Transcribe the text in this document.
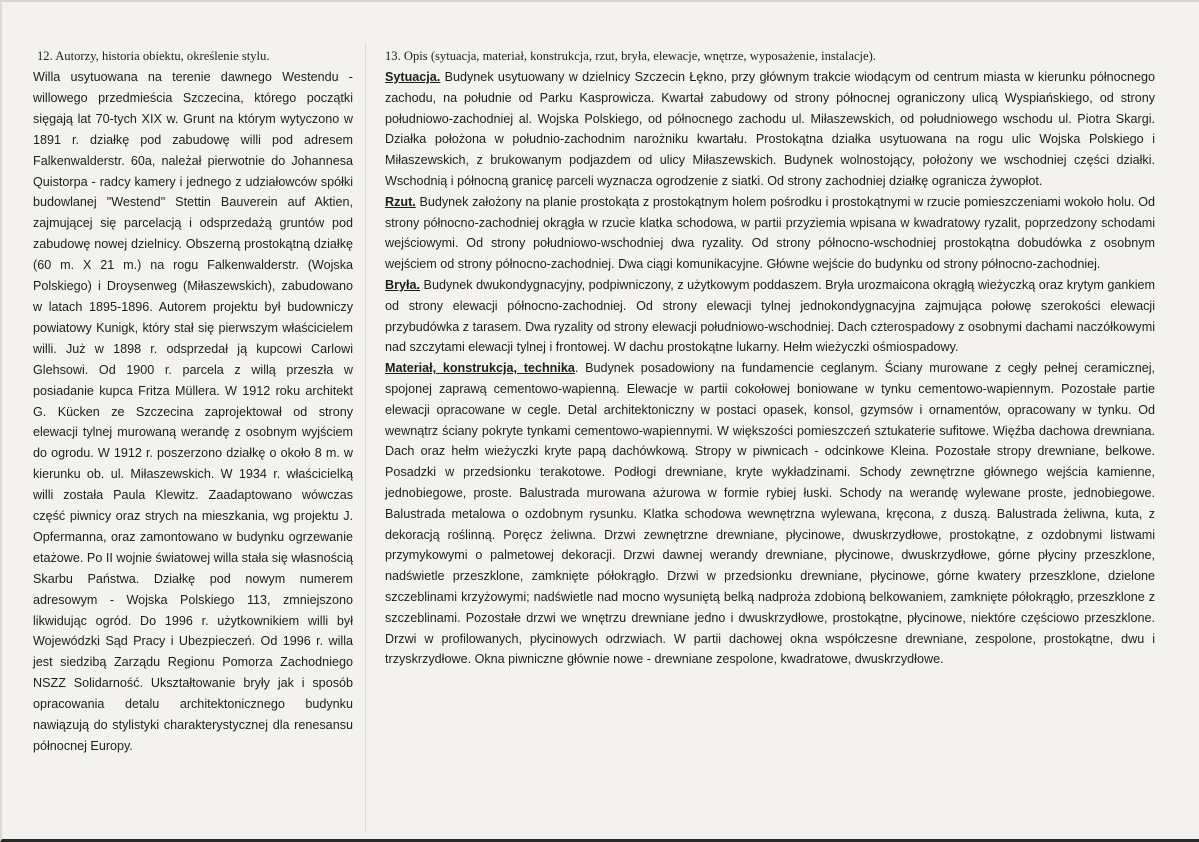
12. Autorzy, historia obiektu, określenie stylu.

Willa usytuowana na terenie dawnego Westendu - willowego przedmieścia Szczecina, którego początki sięgają lat 70-tych XIX w. Grunt na którym wytyczono w 1891 r. działkę pod zabudowę willi pod adresem Falkenwalderstr. 60a, należał pierwotnie do Johannesa Quistorpa - radcy kamery i jednego z udziałowców spółki budowlanej "Westend" Stettin Bauverein auf Aktien, zajmującej się parcelacją i odsprzedażą gruntów pod zabudowę nowej dzielnicy. Obszerną prostokątną działkę (60 m. X 21 m.) na rogu Falkenwalderstr. (Wojska Polskiego) i Droysenweg (Miłaszewskich), zabudowano w latach 1895-1896. Autorem projektu był budowniczy powiatowy Kunigk, który stał się pierwszym właścicielem willi. Już w 1898 r. odsprzedał ją kupcowi Carlowi Glehsowi. Od 1900 r. parcela z willą przeszła w posiadanie kupca Fritza Müllera. W 1912 roku architekt G. Kücken ze Szczecina zaprojektował od strony elewacji tylnej murowaną werandę z osobnym wyjściem do ogrodu. W 1912 r. poszerzono działkę o około 8 m. w kierunku ob. ul. Miłaszewskich. W 1934 r. właścicielką willi została Paula Klewitz. Zaadaptowano wówczas część piwnicy oraz strych na mieszkania, wg projektu J. Opfermanna, oraz zamontowano w budynku ogrzewanie etażowe. Po II wojnie światowej willa stała się własnością Skarbu Państwa. Działkę pod nowym numerem adresowym - Wojska Polskiego 113, zmniejszono likwidując ogród. Do 1996 r. użytkownikiem willi był Wojewódzki Sąd Pracy i Ubezpieczeń. Od 1996 r. willa jest siedzibą Zarządu Regionu Pomorza Zachodniego NSZZ Solidarność. Ukształtowanie bryły jak i sposób opracowania detalu architektonicznego budynku nawiązują do stylistyki charakterystycznej dla renesansu północnej Europy.

13. Opis (sytuacja, materiał, konstrukcja, rzut, bryła, elewacje, wnętrze, wyposażenie, instalacje).

Sytuacja. Budynek usytuowany w dzielnicy Szczecin Łękno, przy głównym trakcie wiodącym od centrum miasta w kierunku północnego zachodu, na południe od Parku Kasprowicza. Kwartał zabudowy od strony północnej ograniczony ulicą Wyspiańskiego, od strony południowo-zachodniej al. Wojska Polskiego, od północnego zachodu ul. Miłaszewskich, od południowego wschodu ul. Piotra Skargi. Działka położona w południo-zachodnim narożniku kwartału. Prostokątna działka usytuowana na rogu ulic Wojska Polskiego i Miłaszewskich, z brukowanym podjazdem od ulicy Miłaszewskich. Budynek wolnostojący, położony we wschodniej części działki. Wschodnią i północną granicę parceli wyznacza ogrodzenie z siatki. Od strony zachodniej działkę ogranicza żywopłot.

Rzut. Budynek założony na planie prostokąta z prostokątnym holem pośrodku i prostokątnymi w rzucie pomieszczeniami wokoło holu. Od strony północno-zachodniej okrągła w rzucie klatka schodowa, w partii przyziemia wpisana w kwadratowy ryzalit, poprzedzony schodami wejściowymi. Od strony południowo-wschodniej dwa ryzality. Od strony północno-wschodniej prostokątna dobudówka z osobnym wejściem od strony północno-zachodniej. Dwa ciągi komunikacyjne. Główne wejście do budynku od strony północno-zachodniej.

Bryła. Budynek dwukondygnacyjny, podpiwniczony, z użytkowym poddaszem. Bryła urozmaicona okrągłą wieżyczką oraz krytym gankiem od strony elewacji północno-zachodniej. Od strony elewacji tylnej jednokondygnacyjna zajmująca połowę szerokości elewacji przybudówka z tarasem. Dwa ryzality od strony elewacji południowo-wschodniej. Dach czterospadowy z osobnymi dachami naczółkowymi nad szczytami elewacji tylnej i frontowej. W dachu prostokątne lukarny. Hełm wieżyczki ośmiospadowy.

Materiał, konstrukcja, technika. Budynek posadowiony na fundamencie ceglanym. Ściany murowane z cegły pełnej ceramicznej, spojonej zaprawą cementowo-wapienną. Elewacje w partii cokołowej boniowane w tynku cementowo-wapiennym. Pozostałe partie elewacji opracowane w cegle. Detal architektoniczny w postaci opasek, konsol, gzymsów i ornamentów, opracowany w tynku. Od wewnątrz ściany pokryte tynkami cementowo-wapiennymi. W większości pomieszczeń sztukaterie sufitowe. Więźba dachowa drewniana. Dach oraz hełm wieżyczki kryte papą dachówkową. Stropy w piwnicach - odcinkowe Kleina. Pozostałe stropy drewniane, belkowe. Posadzki w przedsionku terakotowe. Podłogi drewniane, kryte wykładzinami. Schody zewnętrzne głównego wejścia kamienne, jednobiegowe, proste. Balustrada murowana ażurowa w formie rybiej łuski. Schody na werandę wylewane proste, jednobiegowe. Balustrada metalowa o ozdobnym rysunku. Klatka schodowa wewnętrzna wylewana, kręcona, z duszą. Balustrada żeliwna, kuta, z dekoracją roślinną. Poręcz żeliwna. Drzwi zewnętrzne drewniane, płycinowe, dwuskrzydłowe, prostokątne, z ozdobnymi listwami przymykowymi o palmetowej dekoracji. Drzwi dawnej werandy drewniane, płycinowe, dwuskrzydłowe, górne płyciny przeszklone, nadświetle przeszklone, zamknięte półokrągło. Drzwi w przedsionku drewniane, płycinowe, górne kwatery przeszklone, dzielone szczeblinami krzyżowymi; nadświetle nad mocno wysuniętą belką nadproża zdobioną belkowaniem, zamknięte półokrągło, przeszklone z szczeblinami. Pozostałe drzwi we wnętrzu drewniane jedno i dwuskrzydłowe, prostokątne, płycinowe, niektóre częściowo przeszklone. Drzwi w profilowanych, płycinowych odrzwiach. W partii dachowej okna współczesne drewniane, zespolone, prostokątne, dwu i trzyskrzydłowe. Okna piwniczne głównie nowe - drewniane zespolone, kwadratowe, dwuskrzydłowe.
